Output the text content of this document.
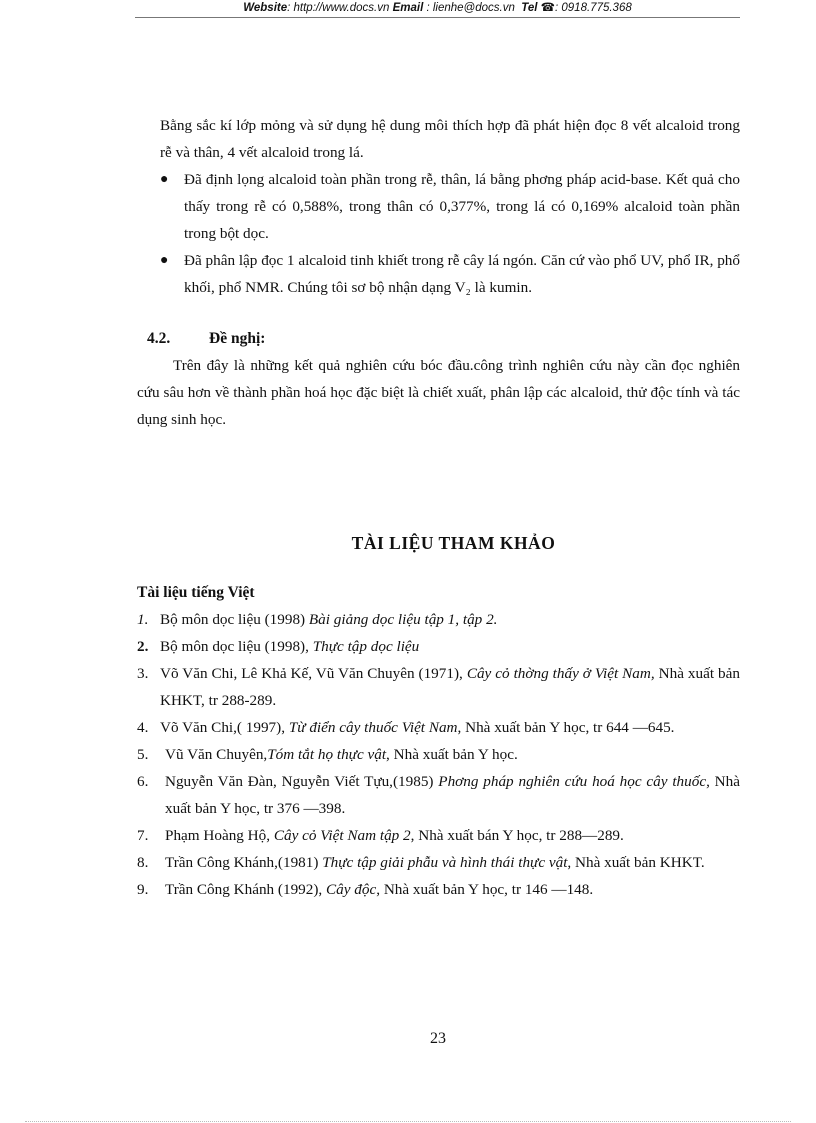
Website: http://www.docs.vn Email : lienhe@docs.vn Tel ☎: 0918.775.368

Bằng sắc kí lớp mỏng và sử dụng hệ dung môi thích hợp đã phát hiện đọc 8 vết alcaloid trong rễ và thân, 4 vết alcaloid trong lá.

● Đã định lọng alcaloid toàn phần trong rễ, thân, lá bằng phơng pháp acid-base. Kết quả cho thấy trong rễ có 0,588%, trong thân có 0,377%, trong lá có 0,169% alcaloid toàn phần trong bột dọc.
● Đã phân lập đọc 1 alcaloid tinh khiết trong rễ cây lá ngón. Căn cứ vào phổ UV, phổ IR, phổ khối, phổ NMR. Chúng tôi sơ bộ nhận dạng V₂ là kumin.
4.2.	Đề nghị:

Trên đây là những kết quả nghiên cứu bóc đầu.công trình nghiên cứu này cần đọc nghiên cứu sâu hơn về thành phần hoá học đặc biệt là chiết xuất, phân lập các alcaloid, thử độc tính và tác dụng sinh học.

TÀI LIỆU THAM KHẢO
Tài liệu tiếng Việt
1. Bộ môn dọc liệu (1998) Bài giảng dọc liệu tập 1, tập 2.
2. Bộ môn dọc liệu (1998), Thực tập dọc liệu
3. Võ Văn Chi, Lê Khả Kế, Vũ Văn Chuyên (1971), Cây cỏ thờng thấy ở Việt Nam, Nhà xuất bản KHKT, tr 288-289.
4. Võ Văn Chi,( 1997), Từ điển cây thuốc Việt Nam, Nhà xuất bản Y học, tr 644 —645.
5. Vũ Văn Chuyên,Tóm tắt họ thực vật, Nhà xuất bản Y học.
6. Nguyễn Văn Đàn, Nguyễn Viết Tựu,(1985) Phơng pháp nghiên cứu hoá học cây thuốc, Nhà xuất bản Y học, tr 376 —398.
7. Phạm Hoàng Hộ, Cây cỏ Việt Nam tập 2, Nhà xuất bán Y học, tr 288—289.
8. Trần Công Khánh,(1981) Thực tập giải phẫu và hình thái thực vật, Nhà xuất bản KHKT.
9. Trần Công Khánh (1992), Cây độc, Nhà xuất bản Y học, tr 146 —148.
23
